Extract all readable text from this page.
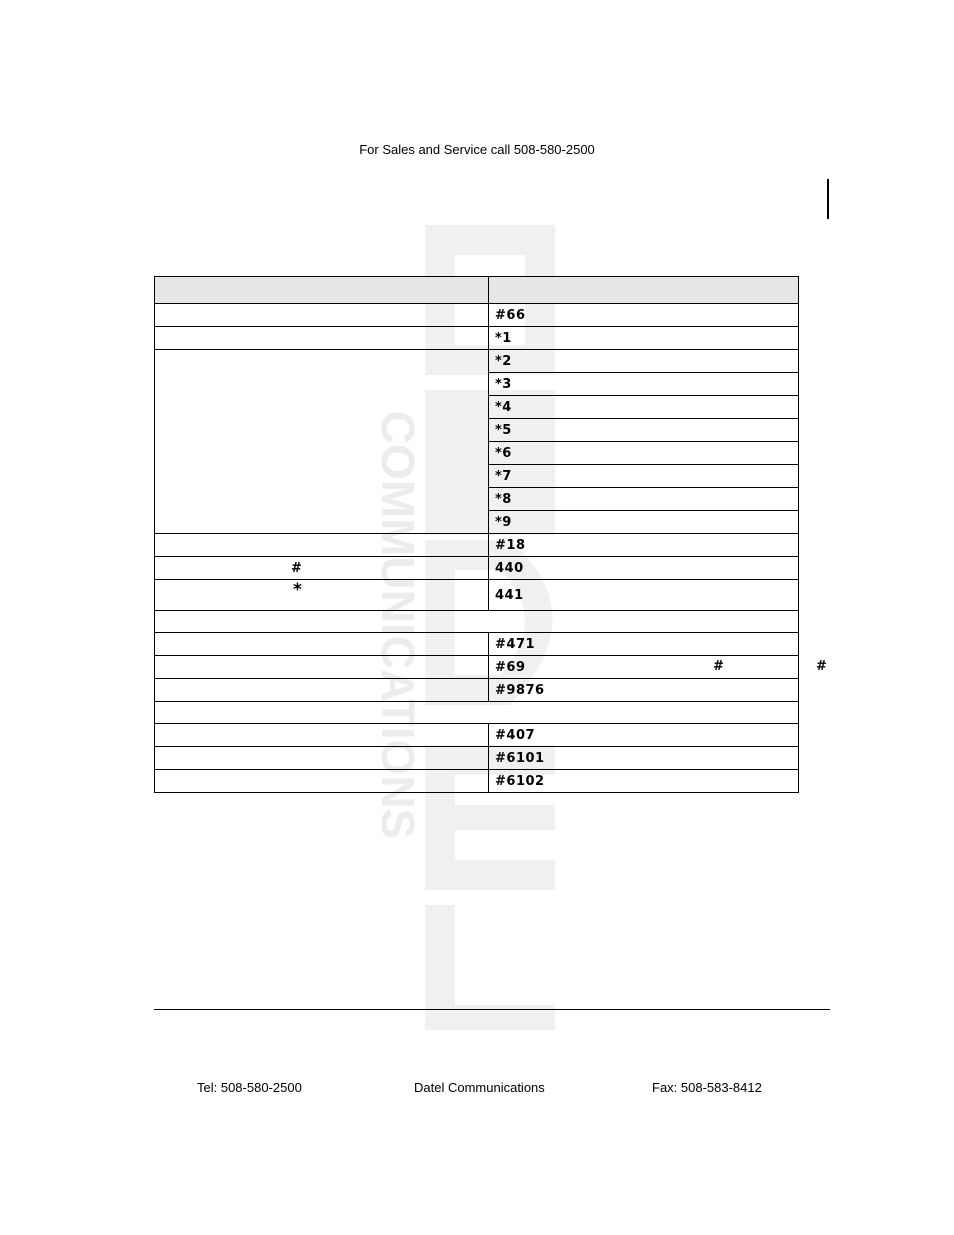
For Sales and Service call 508-580-2500
COMMUNICATIONS

	#66
	*1
	*2
	*3
	*4
	*5
	*6
	*7
	*8
	*9
	#18
#	440
*	441

	#471
	#69 # #

	#9876

	#407
	#6101
	#6102
Tel: 508-580-2500	Datel Communications	Fax: 508-583-8412
